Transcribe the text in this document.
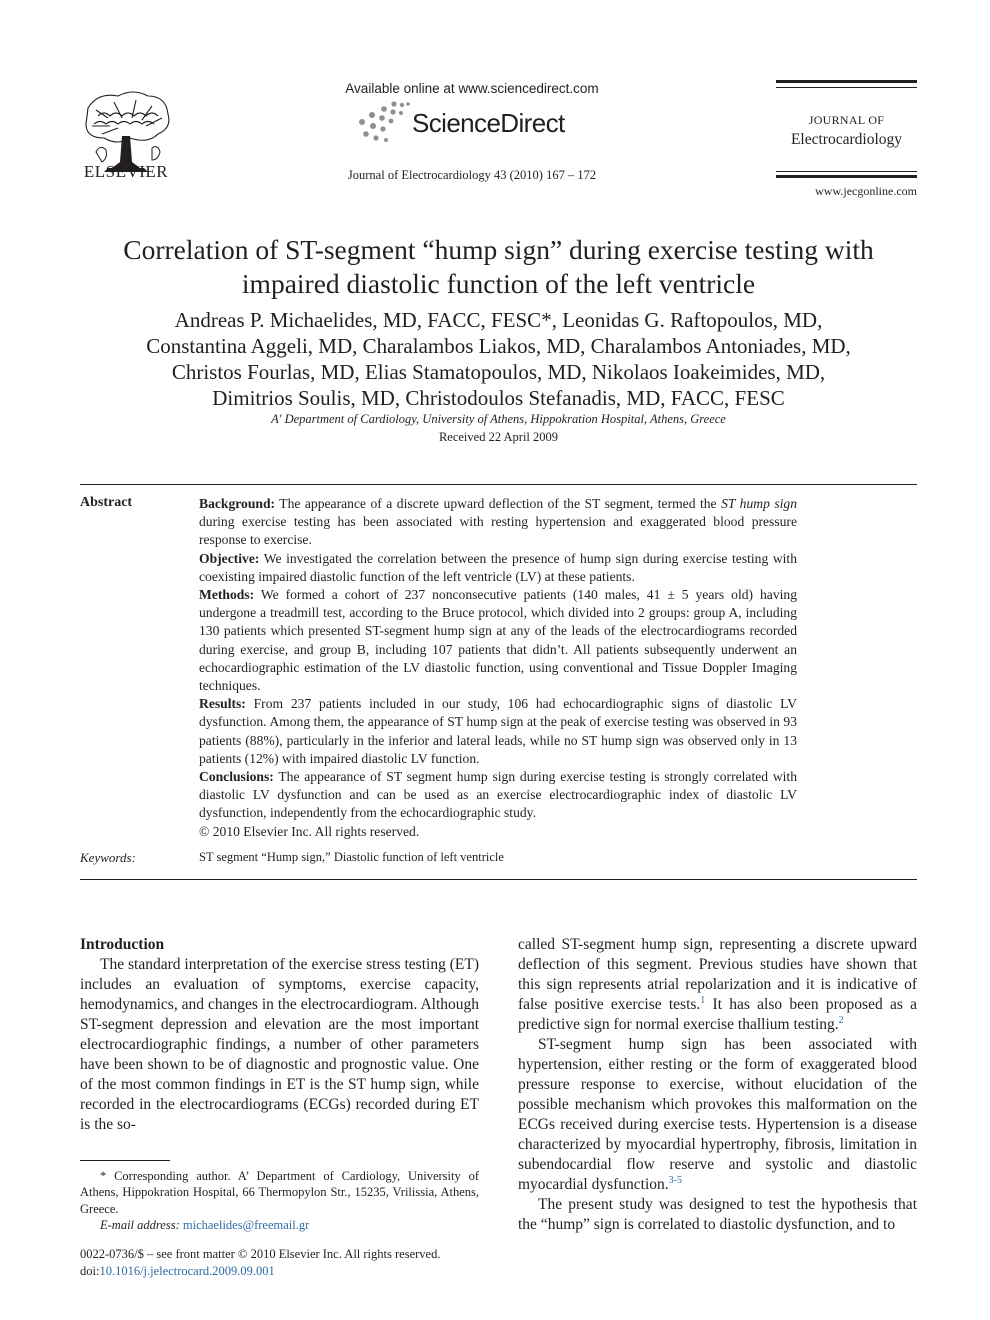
ELSEVIER
Available online at www.sciencedirect.com
ScienceDirect
Journal of Electrocardiology 43 (2010) 167 – 172
JOURNAL OF
Electrocardiology
www.jecgonline.com
Correlation of ST-segment “hump sign” during exercise testing with impaired diastolic function of the left ventricle
Andreas P. Michaelides, MD, FACC, FESC*, Leonidas G. Raftopoulos, MD,
Constantina Aggeli, MD, Charalambos Liakos, MD, Charalambos Antoniades, MD,
Christos Fourlas, MD, Elias Stamatopoulos, MD, Nikolaos Ioakeimides, MD,
Dimitrios Soulis, MD, Christodoulos Stefanadis, MD, FACC, FESC
A' Department of Cardiology, University of Athens, Hippokration Hospital, Athens, Greece
Received 22 April 2009
Abstract	Background: The appearance of a discrete upward deflection of the ST segment, termed the ST hump sign during exercise testing has been associated with resting hypertension and exaggerated blood pressure response to exercise.

Objective: We investigated the correlation between the presence of hump sign during exercise testing with coexisting impaired diastolic function of the left ventricle (LV) at these patients.

Methods: We formed a cohort of 237 nonconsecutive patients (140 males, 41 ± 5 years old) having undergone a treadmill test, according to the Bruce protocol, which divided into 2 groups: group A, including 130 patients which presented ST-segment hump sign at any of the leads of the electrocardiograms recorded during exercise, and group B, including 107 patients that didn’t. All patients subsequently underwent an echocardiographic estimation of the LV diastolic function, using conventional and Tissue Doppler Imaging techniques.

Results: From 237 patients included in our study, 106 had echocardiographic signs of diastolic LV dysfunction. Among them, the appearance of ST hump sign at the peak of exercise testing was observed in 93 patients (88%), particularly in the inferior and lateral leads, while no ST hump sign was observed only in 13 patients (12%) with impaired diastolic LV function.

Conclusions: The appearance of ST segment hump sign during exercise testing is strongly correlated with diastolic LV dysfunction and can be used as an exercise electrocardiographic index of diastolic LV dysfunction, independently from the echocardiographic study.

© 2010 Elsevier Inc. All rights reserved.

Keywords:	ST segment “Hump sign,” Diastolic function of left ventricle
Introduction

The standard interpretation of the exercise stress testing (ET) includes an evaluation of symptoms, exercise capacity, hemodynamics, and changes in the electrocardiogram. Although ST-segment depression and elevation are the most important electrocardiographic findings, a number of other parameters have been shown to be of diagnostic and prognostic value. One of the most common findings in ET is the ST hump sign, while recorded in the electrocardiograms (ECGs) recorded during ET is the so-

called ST-segment hump sign, representing a discrete upward deflection of this segment. Previous studies have shown that this sign represents atrial repolarization and it is indicative of false positive exercise tests.$^1$ It has also been proposed as a predictive sign for normal exercise thallium testing.$^2$

ST-segment hump sign has been associated with hypertension, either resting or the form of exaggerated blood pressure response to exercise, without elucidation of the possible mechanism which provokes this malformation on the ECGs received during exercise tests. Hypertension is a disease characterized by myocardial hypertrophy, fibrosis, limitation in subendocardial flow reserve and systolic and diastolic myocardial dysfunction.$^{3-5}$

The present study was designed to test the hypothesis that the “hump” sign is correlated to diastolic dysfunction, and to

* Corresponding author. A’ Department of Cardiology, University of Athens, Hippokration Hospital, 66 Thermopylon Str., 15235, Vrilissia, Athens, Greece.

E-mail address: michaelides@freemail.gr

0022-0736/$ – see front matter © 2010 Elsevier Inc. All rights reserved.

doi:10.1016/j.jelectrocard.2009.09.001
